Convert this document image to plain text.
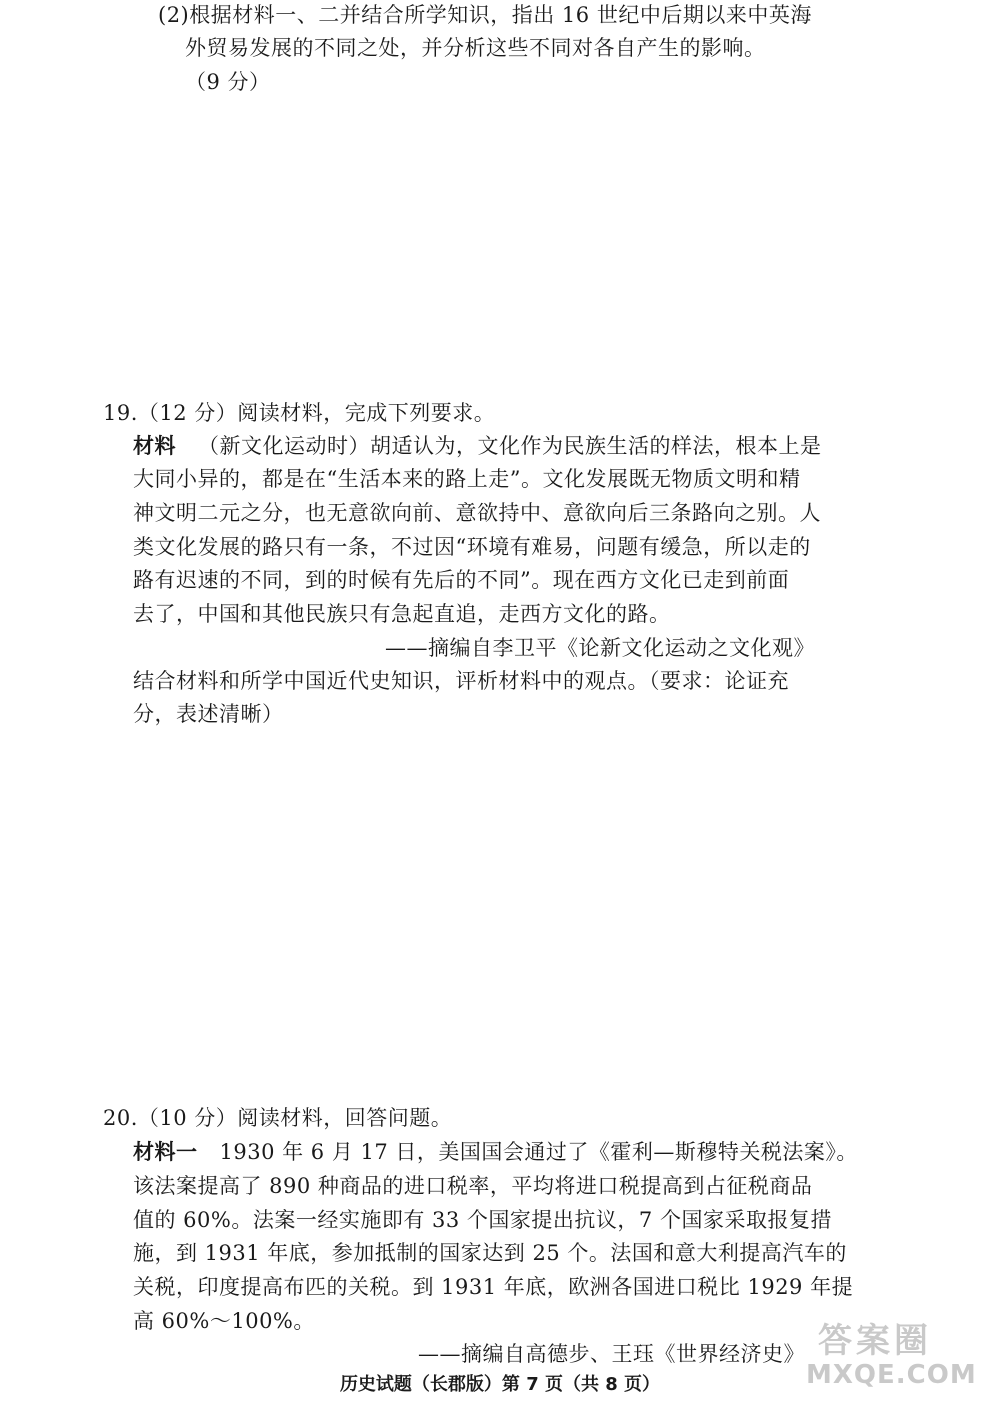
(2)根据材料一、二并结合所学知识，指出 16 世纪中后期以来中英海
外贸易发展的不同之处，并分析这些不同对各自产生的影响。
（9 分）
19.（12 分）阅读材料，完成下列要求。
材料 （新文化运动时）胡适认为，文化作为民族生活的样法，根本上是
大同小异的，都是在“生活本来的路上走”。文化发展既无物质文明和精
神文明二元之分，也无意欲向前、意欲持中、意欲向后三条路向之别。人
类文化发展的路只有一条，不过因“环境有难易，问题有缓急，所以走的
路有迟速的不同，到的时候有先后的不同”。现在西方文化已走到前面
去了，中国和其他民族只有急起直追，走西方文化的路。
——摘编自李卫平《论新文化运动之文化观》
结合材料和所学中国近代史知识，评析材料中的观点。（要求：论证充
分，表述清晰）
20.（10 分）阅读材料，回答问题。
材料一 1930 年 6 月 17 日，美国国会通过了《霍利—斯穆特关税法案》。
该法案提高了 890 种商品的进口税率，平均将进口税提高到占征税商品
值的 60%。法案一经实施即有 33 个国家提出抗议，7 个国家采取报复措
施，到 1931 年底，参加抵制的国家达到 25 个。法国和意大利提高汽车的
关税，印度提高布匹的关税。到 1931 年底，欧洲各国进口税比 1929 年提
高 60%～100%。
——摘编自高德步、王珏《世界经济史》
历史试题（长郡版）第 7 页（共 8 页）
答案圈
MXQE.COM
